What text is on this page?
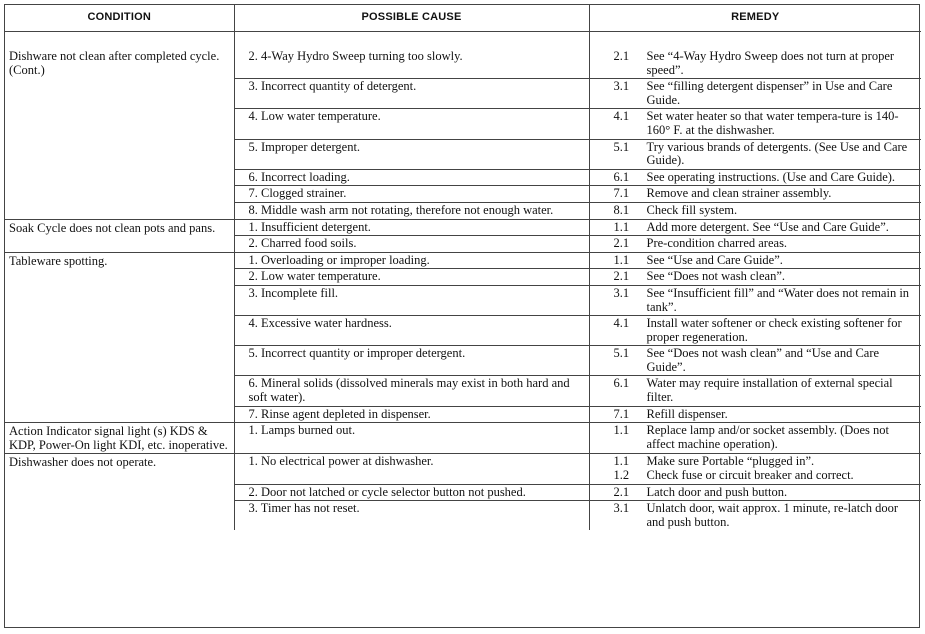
CONDITION	POSSIBLE CAUSE	REMEDY
Dishware not clean after completed cycle. (Cont.)	2. 4-Way Hydro Sweep turning too slowly.	2.1 See “4-Way Hydro Sweep does not turn at proper speed”.

	3. Incorrect quantity of detergent.	3.1 See “filling detergent dispenser” in Use and Care Guide.

	4. Low water temperature.	4.1 Set water heater so that water tempera-ture is 140-160° F. at the dishwasher.

	5. Improper detergent.	5.1 Try various brands of detergents. (See Use and Care Guide).

	6. Incorrect loading.	6.1 See operating instructions. (Use and Care Guide).

	7. Clogged strainer.	7.1 Remove and clean strainer assembly.

	8. Middle wash arm not rotating, therefore not enough water.	8.1 Check fill system.

Soak Cycle does not clean pots and pans.	1. Insufficient detergent.	1.1 Add more detergent. See “Use and Care Guide”.

	2. Charred food soils.	2.1 Pre-condition charred areas.

Tableware spotting.	1. Overloading or improper loading.	1.1 See “Use and Care Guide”.

	2. Low water temperature.	2.1 See “Does not wash clean”.

	3. Incomplete fill.	3.1 See “Insufficient fill” and “Water does not remain in tank”.

	4. Excessive water hardness.	4.1 Install water softener or check existing softener for proper regeneration.

	5. Incorrect quantity or improper detergent.	5.1 See “Does not wash clean” and “Use and Care Guide”.

	6. Mineral solids (dissolved minerals may exist in both hard and soft water).	6.1 Water may require installation of external special filter.

	7. Rinse agent depleted in dispenser.	7.1 Refill dispenser.

Action Indicator signal light (s) KDS & KDP, Power-On light KDI, etc. inoperative.	1. Lamps burned out.	1.1 Replace lamp and/or socket assembly. (Does not affect machine operation).

Dishwasher does not operate.	1. No electrical power at dishwasher.	1.1 Make sure Portable “plugged in”.
1.2 Check fuse or circuit breaker and correct.

	2. Door not latched or cycle selector button not pushed.	2.1 Latch door and push button.

	3. Timer has not reset.	3.1 Unlatch door, wait approx. 1 minute, re-latch door and push button.
